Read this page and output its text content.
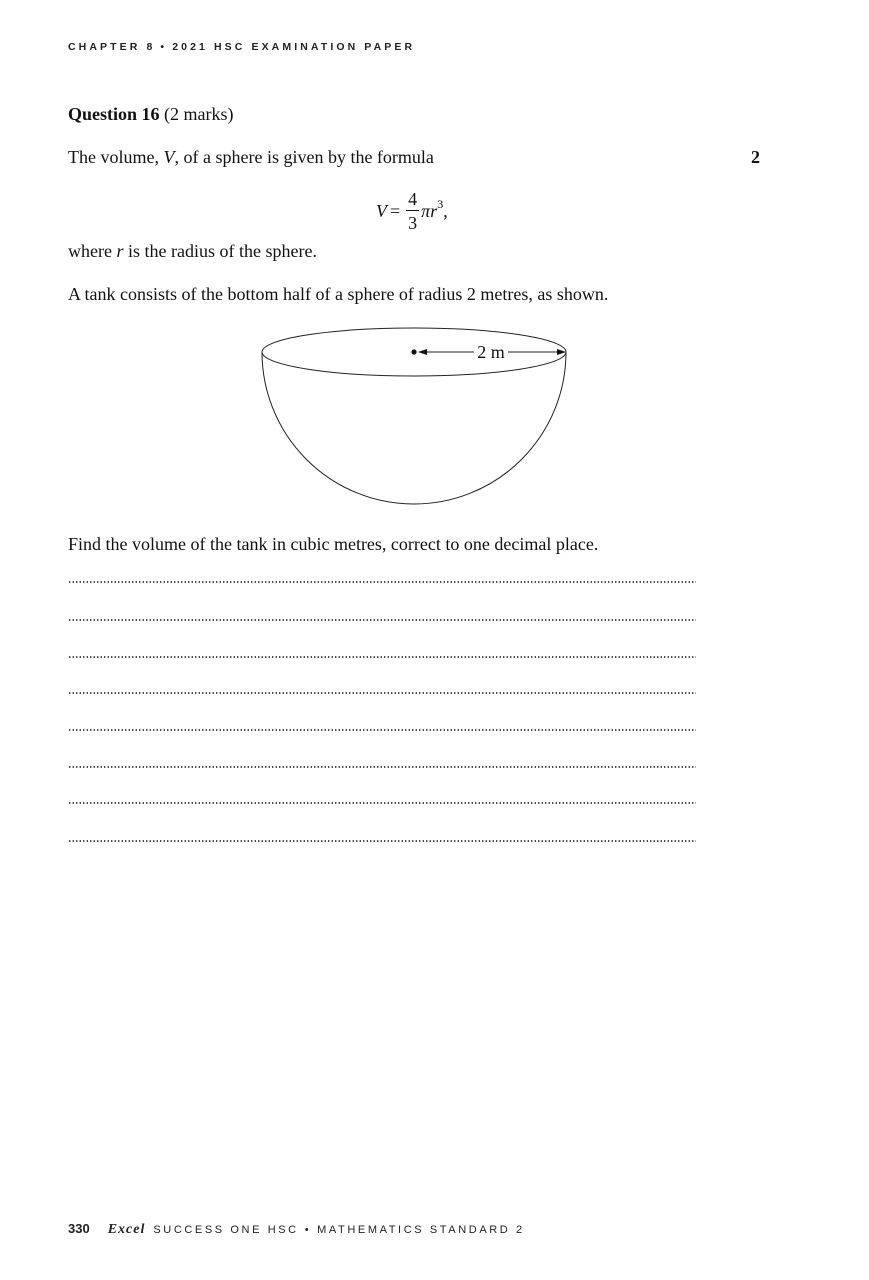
CHAPTER 8 • 2021 HSC EXAMINATION PAPER
Question 16 (2 marks)
The volume, V, of a sphere is given by the formula	2
$V = \frac{4}{3}$ π $r^3$ ,
where r is the radius of the sphere.
A tank consists of the bottom half of a sphere of radius 2 metres, as shown.
2 m
Find the volume of the tank in cubic metres, correct to one decimal place.
330 Excel SUCCESS ONE HSC • MATHEMATICS STANDARD 2
